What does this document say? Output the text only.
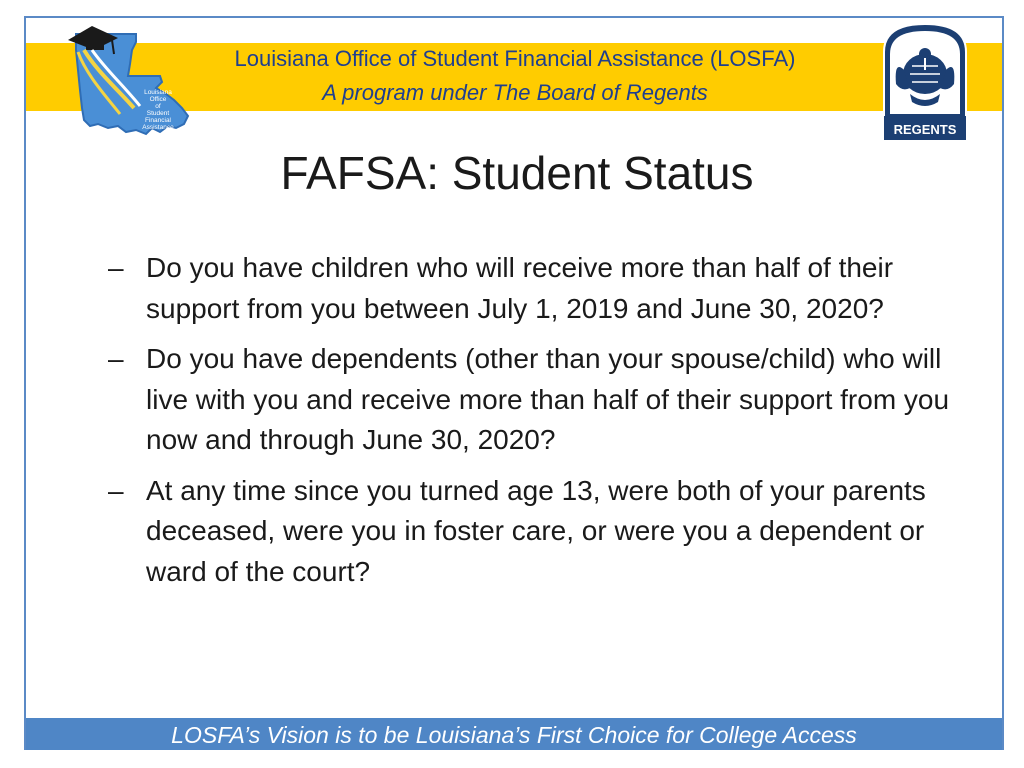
Louisiana
Office
of
Student
Financial
Assistance	REGENTS
Louisiana Office of Student Financial Assistance (LOSFA)
A program under The Board of Regents
FAFSA: Student Status
– Do you have children who will receive more than half of their support from you between July 1, 2019 and June 30, 2020?
– Do you have dependents (other than your spouse/child) who will live with you and receive more than half of their support from you now and through June 30, 2020?
– At any time since you turned age 13, were both of your parents deceased, were you in foster care, or were you a dependent or ward of the court?
LOSFA’s Vision is to be Louisiana’s First Choice for College Access
